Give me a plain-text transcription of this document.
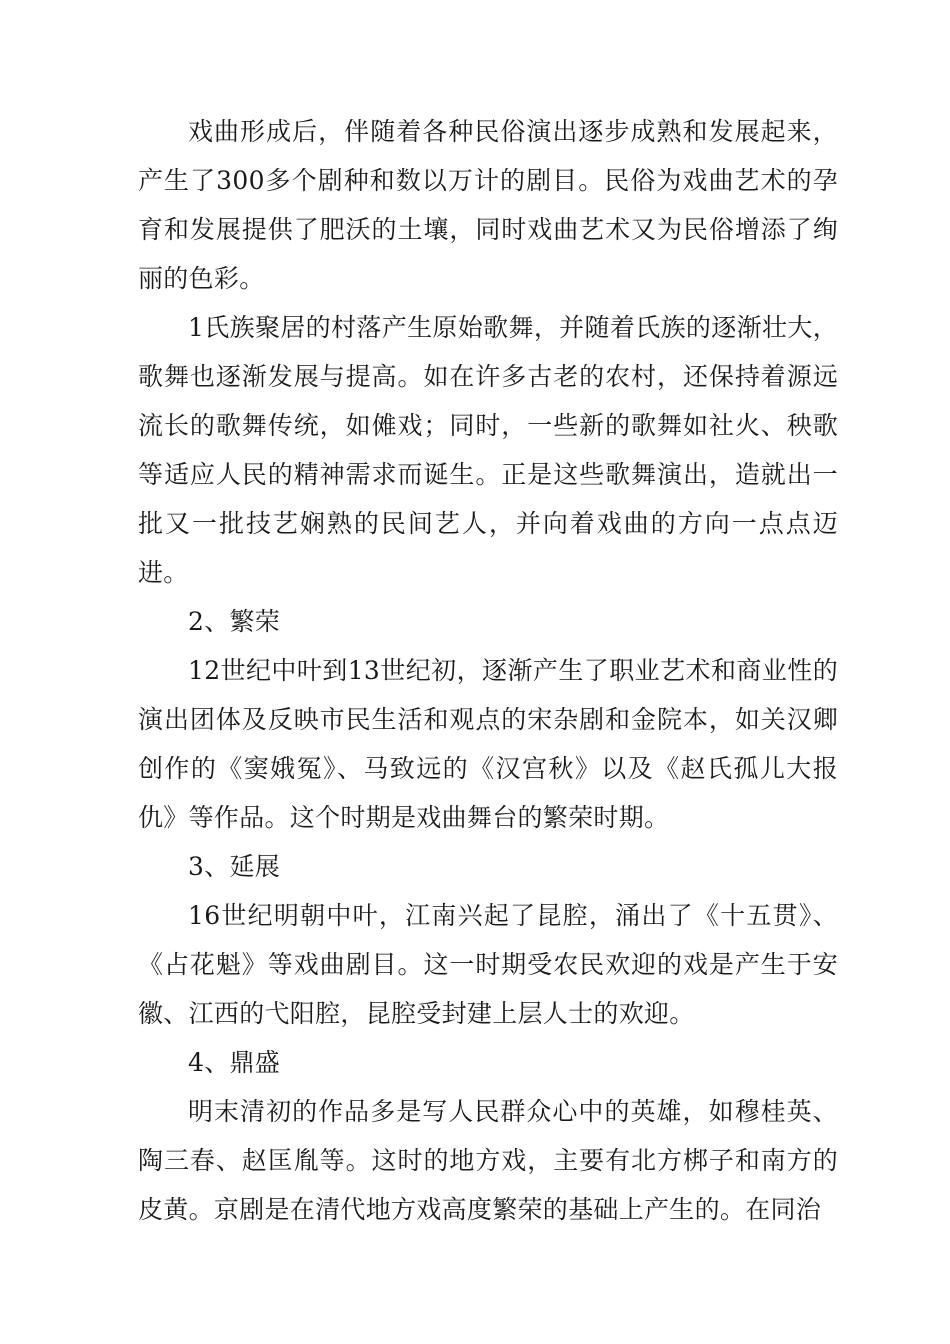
戏曲形成后，伴随着各种民俗演出逐步成熟和发展起来，产生了300多个剧种和数以万计的剧目。民俗为戏曲艺术的孕育和发展提供了肥沃的土壤，同时戏曲艺术又为民俗增添了绚丽的色彩。

1氏族聚居的村落产生原始歌舞，并随着氏族的逐渐壮大，歌舞也逐渐发展与提高。如在许多古老的农村，还保持着源远流长的歌舞传统，如傩戏；同时，一些新的歌舞如社火、秧歌等适应人民的精神需求而诞生。正是这些歌舞演出，造就出一批又一批技艺娴熟的民间艺人，并向着戏曲的方向一点点迈进。

2、繁荣

12世纪中叶到13世纪初，逐渐产生了职业艺术和商业性的演出团体及反映市民生活和观点的宋杂剧和金院本，如关汉卿创作的《窦娥冤》、马致远的《汉宫秋》以及《赵氏孤儿大报仇》等作品。这个时期是戏曲舞台的繁荣时期。

3、延展

16世纪明朝中叶，江南兴起了昆腔，涌出了《十五贯》、《占花魁》等戏曲剧目。这一时期受农民欢迎的戏是产生于安徽、江西的弋阳腔，昆腔受封建上层人士的欢迎。

4、鼎盛

明末清初的作品多是写人民群众心中的英雄，如穆桂英、陶三春、赵匡胤等。这时的地方戏，主要有北方梆子和南方的皮黄。京剧是在清代地方戏高度繁荣的基础上产生的。在同治
